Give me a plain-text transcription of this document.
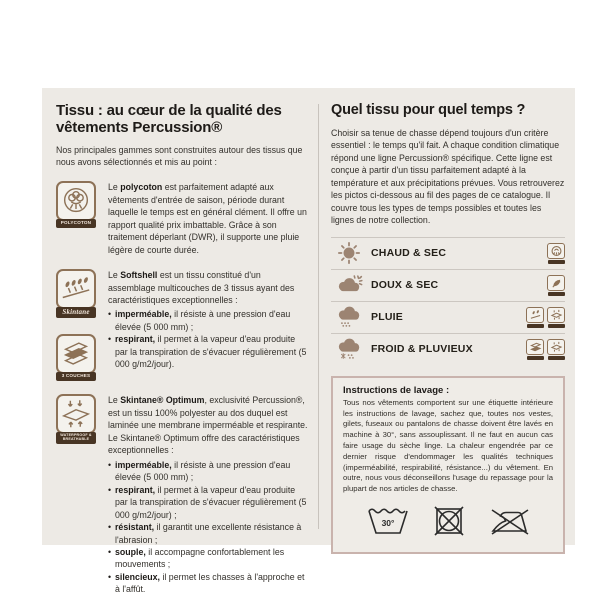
Tissu : au cœur de la qualité des vêtements Percussion®

Nos principales gammes sont construites autour des tissus que nous avons sélectionnés et mis au point :

POLYCOTON
Le polycoton est parfaitement adapté aux vêtements d'entrée de saison, période durant laquelle le temps est en général clément. Il offre un rapport qualité prix imbattable. Grâce à son traitement déperlant (DWR), il supporte une pluie légère de courte durée.
Skintane
3 COUCHES
Le Softshell est un tissu constitué d'un assemblage multicouches de 3 tissus ayant des caractéristiques exceptionnelles :
• imperméable, il résiste à une pression d'eau élevée (5 000 mm) ;
• respirant, il permet à la vapeur d'eau produite par la transpiration de s'évacuer régulièrement (5 000 g/m2/jour).
WATERPROOF & BREATHABLE
Le Skintane® Optimum, exclusivité Percussion®, est un tissu 100% polyester au dos duquel est laminée une membrane imperméable et respirante. Le Skintane® Optimum offre des caractéristiques exceptionnelles :
• imperméable, il résiste à une pression d'eau élevée (5 000 mm) ;
• respirant, il permet à la vapeur d'eau produite par la transpiration de s'évacuer régulièrement (5 000 g/m2/jour) ;
• résistant, il garantit une excellente résistance à l'abrasion ;
• souple, il accompagne confortablement les mouvements ;
• silencieux, il permet les chasses à l'approche et à l'affût.
Quel tissu pour quel temps ?

Choisir sa tenue de chasse dépend toujours d'un critère essentiel : le temps qu'il fait. A chaque condition climatique répond une ligne Percussion® spécifique. Cette ligne est conçue à partir d'un tissu parfaitement adapté à la température et aux précipitations prévues. Vous retrouverez les pictos ci-dessous au fil des pages de ce catalogue. Il couvre tous les types de temps possibles et toutes les lignes de notre collection.

CHAUD & SEC
DOUX & SEC
PLUIE
FROID & PLUVIEUX
Instructions de lavage :

Tous nos vêtements comportent sur une étiquette intérieure les instructions de lavage, sachez que, toutes nos vestes, gilets, fuseaux ou pantalons de chasse doivent être lavés en machine à 30°, sans assouplissant. Il ne faut en aucun cas faire usage du sèche linge. La chaleur engendrée par ce dernier risque d'endommager les qualités techniques (imperméabilité, respirabilité, résistance...) du vêtement. En outre, nous vous déconseillons l'usage du repassage pour la plupart de nos articles de chasse.

30°
